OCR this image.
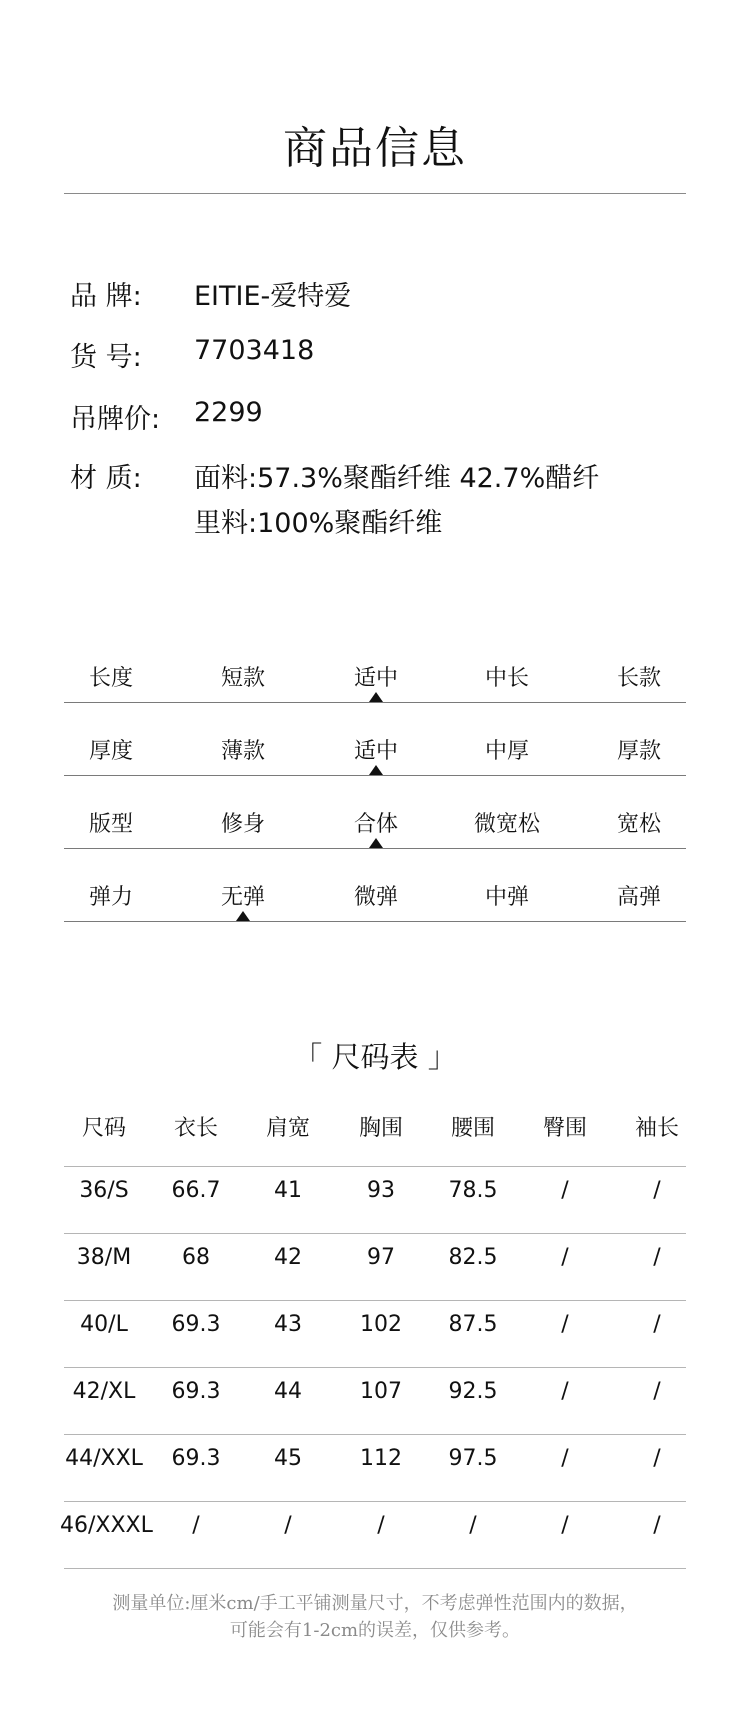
商品信息
品 牌: EITIE-爱特爱
货 号: 7703418
吊牌价: 2299
材 质: 面料:57.3%聚酯纤维 42.7%醋纤
里料:100%聚酯纤维
长度	短款	适中	中长	长款
厚度	薄款	适中	中厚	厚款
版型	修身	合体	微宽松	宽松
弹力	无弹	微弹	中弹	高弹
「 尺码表 」
尺码	衣长	肩宽	胸围	腰围	臀围	袖长
36/S	66.7	41	93	78.5	/	/
38/M	68	42	97	82.5	/	/
40/L	69.3	43	102	87.5	/	/
42/XL	69.3	44	107	92.5	/	/
44/XXL	69.3	45	112	97.5	/	/
46/XXXL	/	/	/	/	/	/
测量单位:厘米cm/手工平铺测量尺寸，不考虑弹性范围内的数据，
可能会有1-2cm的误差，仅供参考。
